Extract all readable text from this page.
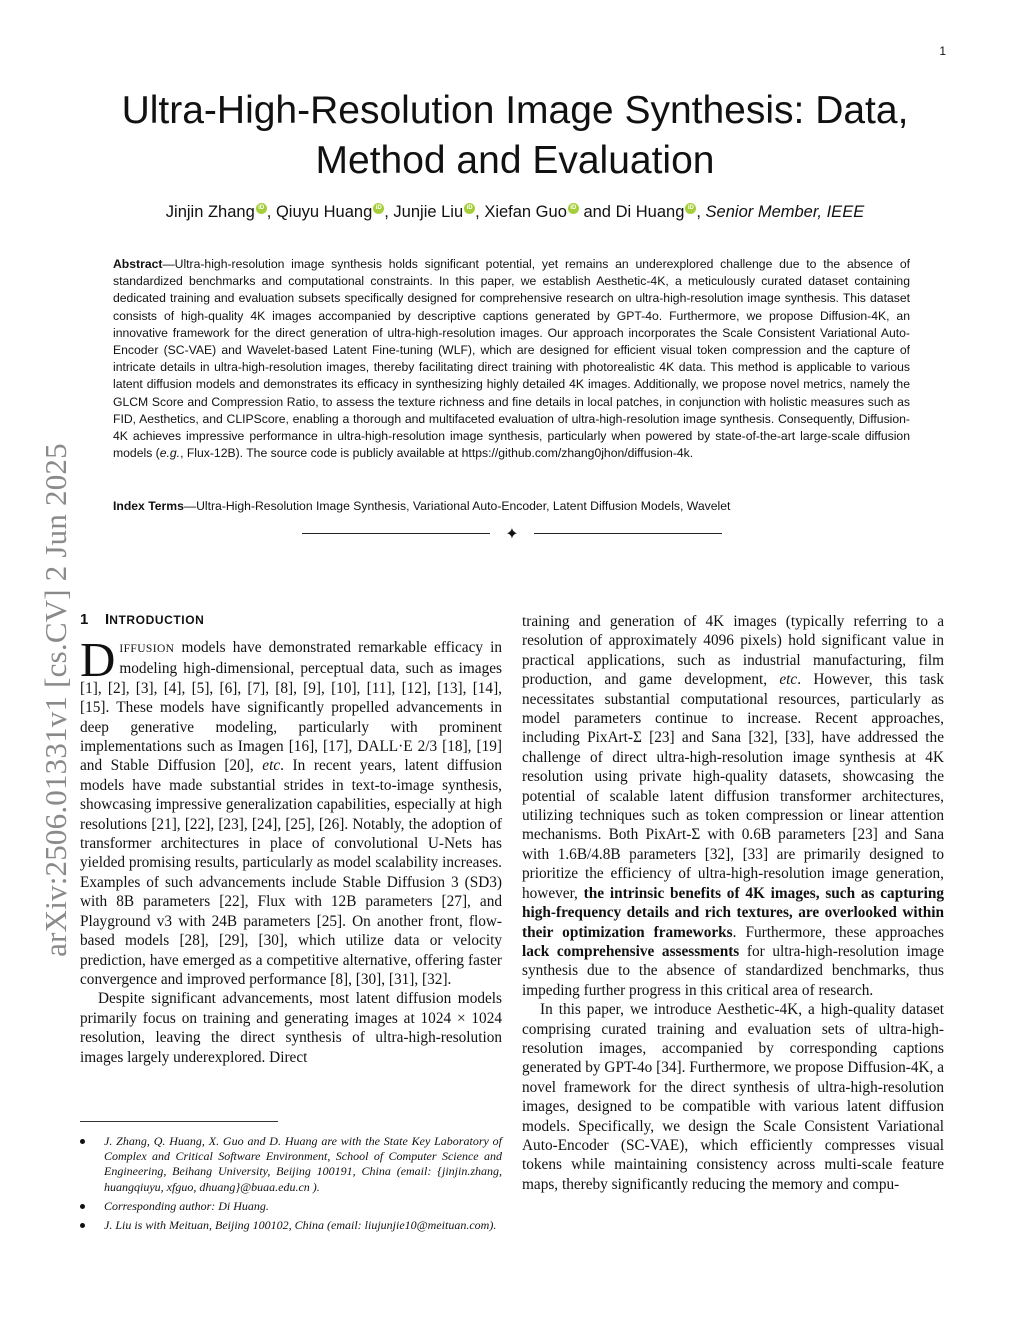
1
arXiv:2506.01331v1 [cs.CV] 2 Jun 2025
Ultra-High-Resolution Image Synthesis: Data,
Method and Evaluation
Jinjin Zhang iD , Qiuyu Huang iD , Junjie Liu iD , Xiefan Guo iD and Di Huang iD , Senior Member, IEEE
Abstract—Ultra-high-resolution image synthesis holds significant potential, yet remains an underexplored challenge due to the absence of standardized benchmarks and computational constraints. In this paper, we establish Aesthetic-4K, a meticulously curated dataset containing dedicated training and evaluation subsets specifically designed for comprehensive research on ultra-high-resolution image synthesis. This dataset consists of high-quality 4K images accompanied by descriptive captions generated by GPT-4o. Furthermore, we propose Diffusion-4K, an innovative framework for the direct generation of ultra-high-resolution images. Our approach incorporates the Scale Consistent Variational Auto-Encoder (SC-VAE) and Wavelet-based Latent Fine-tuning (WLF), which are designed for efficient visual token compression and the capture of intricate details in ultra-high-resolution images, thereby facilitating direct training with photorealistic 4K data. This method is applicable to various latent diffusion models and demonstrates its efficacy in synthesizing highly detailed 4K images. Additionally, we propose novel metrics, namely the GLCM Score and Compression Ratio, to assess the texture richness and fine details in local patches, in conjunction with holistic measures such as FID, Aesthetics, and CLIPScore, enabling a thorough and multifaceted evaluation of ultra-high-resolution image synthesis. Consequently, Diffusion-4K achieves impressive performance in ultra-high-resolution image synthesis, particularly when powered by state-of-the-art large-scale diffusion models (e.g., Flux-12B). The source code is publicly available at https://github.com/zhang0jhon/diffusion-4k.
Index Terms—Ultra-High-Resolution Image Synthesis, Variational Auto-Encoder, Latent Diffusion Models, Wavelet
✦
1 INTRODUCTION

DIFFUSION models have demonstrated remarkable efficacy in modeling high-dimensional, perceptual data, such as images [1], [2], [3], [4], [5], [6], [7], [8], [9], [10], [11], [12], [13], [14], [15]. These models have significantly propelled advancements in deep generative modeling, particularly with prominent implementations such as Imagen [16], [17], DALL·E 2/3 [18], [19] and Stable Diffusion [20], etc. In recent years, latent diffusion models have made substantial strides in text-to-image synthesis, showcasing impressive generalization capabilities, especially at high resolutions [21], [22], [23], [24], [25], [26]. Notably, the adoption of transformer architectures in place of convolutional U-Nets has yielded promising results, particularly as model scalability increases. Examples of such advancements include Stable Diffusion 3 (SD3) with 8B parameters [22], Flux with 12B parameters [27], and Playground v3 with 24B parameters [25]. On another front, flow-based models [28], [29], [30], which utilize data or velocity prediction, have emerged as a competitive alternative, offering faster convergence and improved performance [8], [30], [31], [32].

Despite significant advancements, most latent diffusion models primarily focus on training and generating images at 1024 × 1024 resolution, leaving the direct synthesis of ultra-high-resolution images largely underexplored. Direct

J. Zhang, Q. Huang, X. Guo and D. Huang are with the State Key Laboratory of Complex and Critical Software Environment, School of Computer Science and Engineering, Beihang University, Beijing 100191, China (email: {jinjin.zhang, huangqiuyu, xfguo, dhuang}@buaa.edu.cn ).
Corresponding author: Di Huang.
J. Liu is with Meituan, Beijing 100102, China (email: liujunjie10@meituan.com).

training and generation of 4K images (typically referring to a resolution of approximately 4096 pixels) hold significant value in practical applications, such as industrial manufacturing, film production, and game development, etc. However, this task necessitates substantial computational resources, particularly as model parameters continue to increase. Recent approaches, including PixArt-Σ [23] and Sana [32], [33], have addressed the challenge of direct ultra-high-resolution image synthesis at 4K resolution using private high-quality datasets, showcasing the potential of scalable latent diffusion transformer architectures, utilizing techniques such as token compression or linear attention mechanisms. Both PixArt-Σ with 0.6B parameters [23] and Sana with 1.6B/4.8B parameters [32], [33] are primarily designed to prioritize the efficiency of ultra-high-resolution image generation, however, the intrinsic benefits of 4K images, such as capturing high-frequency details and rich textures, are overlooked within their optimization frameworks. Furthermore, these approaches lack comprehensive assessments for ultra-high-resolution image synthesis due to the absence of standardized benchmarks, thus impeding further progress in this critical area of research.

In this paper, we introduce Aesthetic-4K, a high-quality dataset comprising curated training and evaluation sets of ultra-high-resolution images, accompanied by corresponding captions generated by GPT-4o [34]. Furthermore, we propose Diffusion-4K, a novel framework for the direct synthesis of ultra-high-resolution images, designed to be compatible with various latent diffusion models. Specifically, we design the Scale Consistent Variational Auto-Encoder (SC-VAE), which efficiently compresses visual tokens while maintaining consistency across multi-scale feature maps, thereby significantly reducing the memory and compu-
